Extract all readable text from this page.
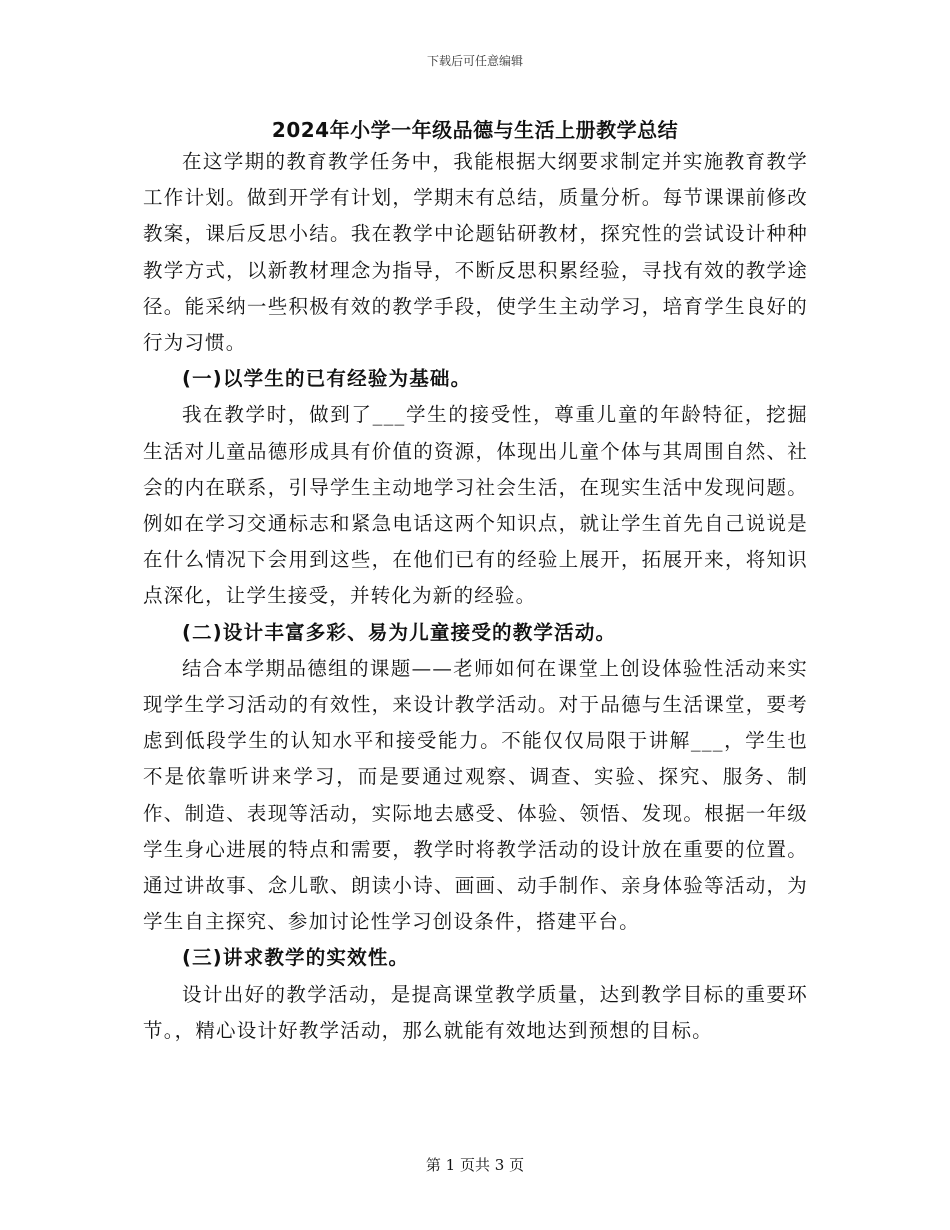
下载后可任意编辑
2024年小学一年级品德与生活上册教学总结

在这学期的教育教学任务中，我能根据大纲要求制定并实施教育教学工作计划。做到开学有计划，学期末有总结，质量分析。每节课课前修改教案，课后反思小结。我在教学中论题钻研教材，探究性的尝试设计种种教学方式，以新教材理念为指导，不断反思积累经验，寻找有效的教学途径。能采纳一些积极有效的教学手段，使学生主动学习，培育学生良好的行为习惯。

(一)以学生的已有经验为基础。

我在教学时，做到了___学生的接受性，尊重儿童的年龄特征，挖掘生活对儿童品德形成具有价值的资源，体现出儿童个体与其周围自然、社会的内在联系，引导学生主动地学习社会生活，在现实生活中发现问题。例如在学习交通标志和紧急电话这两个知识点，就让学生首先自己说说是在什么情况下会用到这些，在他们已有的经验上展开，拓展开来，将知识点深化，让学生接受，并转化为新的经验。

(二)设计丰富多彩、易为儿童接受的教学活动。

结合本学期品德组的课题——老师如何在课堂上创设体验性活动来实现学生学习活动的有效性，来设计教学活动。对于品德与生活课堂，要考虑到低段学生的认知水平和接受能力。不能仅仅局限于讲解___，学生也不是依靠听讲来学习，而是要通过观察、调查、实验、探究、服务、制作、制造、表现等活动，实际地去感受、体验、领悟、发现。根据一年级学生身心进展的特点和需要，教学时将教学活动的设计放在重要的位置。通过讲故事、念儿歌、朗读小诗、画画、动手制作、亲身体验等活动，为学生自主探究、参加讨论性学习创设条件，搭建平台。

(三)讲求教学的实效性。

设计出好的教学活动，是提高课堂教学质量，达到教学目标的重要环节。，精心设计好教学活动，那么就能有效地达到预想的目标。

第 1 页共 3 页
